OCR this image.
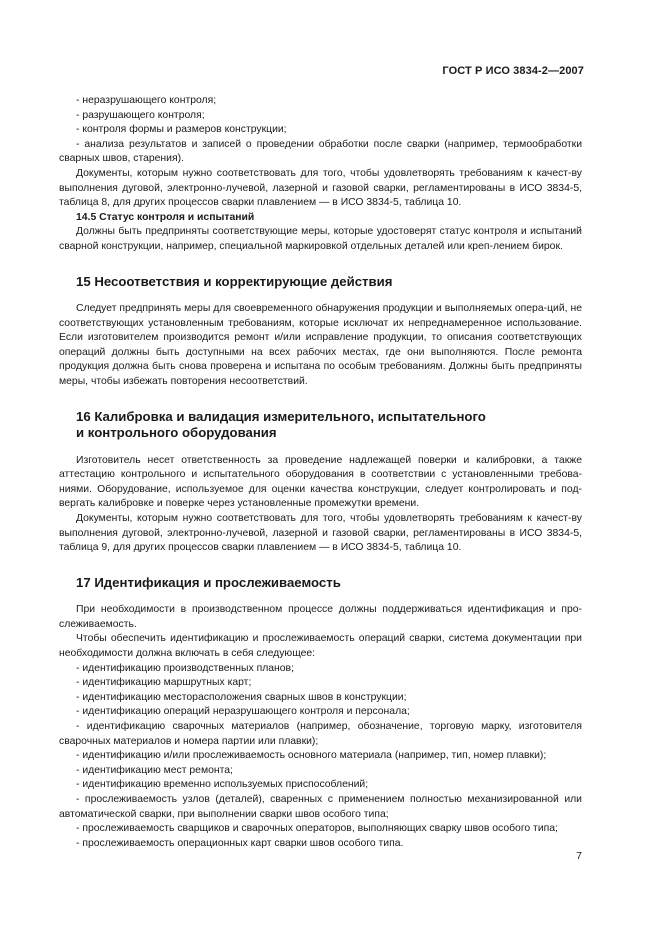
ГОСТ Р ИСО 3834-2—2007

- неразрушающего контроля;

- разрушающего контроля;

- контроля формы и размеров конструкции;

- анализа результатов и записей о проведении обработки после сварки (например, термообработки сварных швов, старения).

Документы, которым нужно соответствовать для того, чтобы удовлетворять требованиям к качест-ву выполнения дуговой, электронно-лучевой, лазерной и газовой сварки, регламентированы в ИСО 3834-5, таблица 8, для других процессов сварки плавлением — в ИСО 3834-5, таблица 10.

14.5 Статус контроля и испытаний

Должны быть предприняты соответствующие меры, которые удостоверят статус контроля и испытаний сварной конструкции, например, специальной маркировкой отдельных деталей или креп-лением бирок.

15 Несоответствия и корректирующие действия

Следует предпринять меры для своевременного обнаружения продукции и выполняемых опера-ций, не соответствующих установленным требованиям, которые исключат их непреднамеренное использование. Если изготовителем производится ремонт и/или исправление продукции, то описания соответствующих операций должны быть доступными на всех рабочих местах, где они выполняются. После ремонта продукция должна быть снова проверена и испытана по особым требованиям. Должны быть предприняты меры, чтобы избежать повторения несоответствий.

16 Калибровка и валидация измерительного, испытательного
и контрольного оборудования

Изготовитель несет ответственность за проведение надлежащей поверки и калибровки, а также аттестацию контрольного и испытательного оборудования в соответствии с установленными требова-ниями. Оборудование, используемое для оценки качества конструкции, следует контролировать и под-вергать калибровке и поверке через установленные промежутки времени.

Документы, которым нужно соответствовать для того, чтобы удовлетворять требованиям к качест-ву выполнения дуговой, электронно-лучевой, лазерной и газовой сварки, регламентированы в ИСО 3834-5, таблица 9, для других процессов сварки плавлением — в ИСО 3834-5, таблица 10.

17 Идентификация и прослеживаемость

При необходимости в производственном процессе должны поддерживаться идентификация и про-слеживаемость.

Чтобы обеспечить идентификацию и прослеживаемость операций сварки, система документации при необходимости должна включать в себя следующее:

- идентификацию производственных планов;

- идентификацию маршрутных карт;

- идентификацию месторасположения сварных швов в конструкции;

- идентификацию операций неразрушающего контроля и персонала;

- идентификацию сварочных материалов (например, обозначение, торговую марку, изготовителя сварочных материалов и номера партии или плавки);

- идентификацию и/или прослеживаемость основного материала (например, тип, номер плавки);

- идентификацию мест ремонта;

- идентификацию временно используемых приспособлений;

- прослеживаемость узлов (деталей), сваренных с применением полностью механизированной или автоматической сварки, при выполнении сварки швов особого типа;

- прослеживаемость сварщиков и сварочных операторов, выполняющих сварку швов особого типа;

- прослеживаемость операционных карт сварки швов особого типа.

7
